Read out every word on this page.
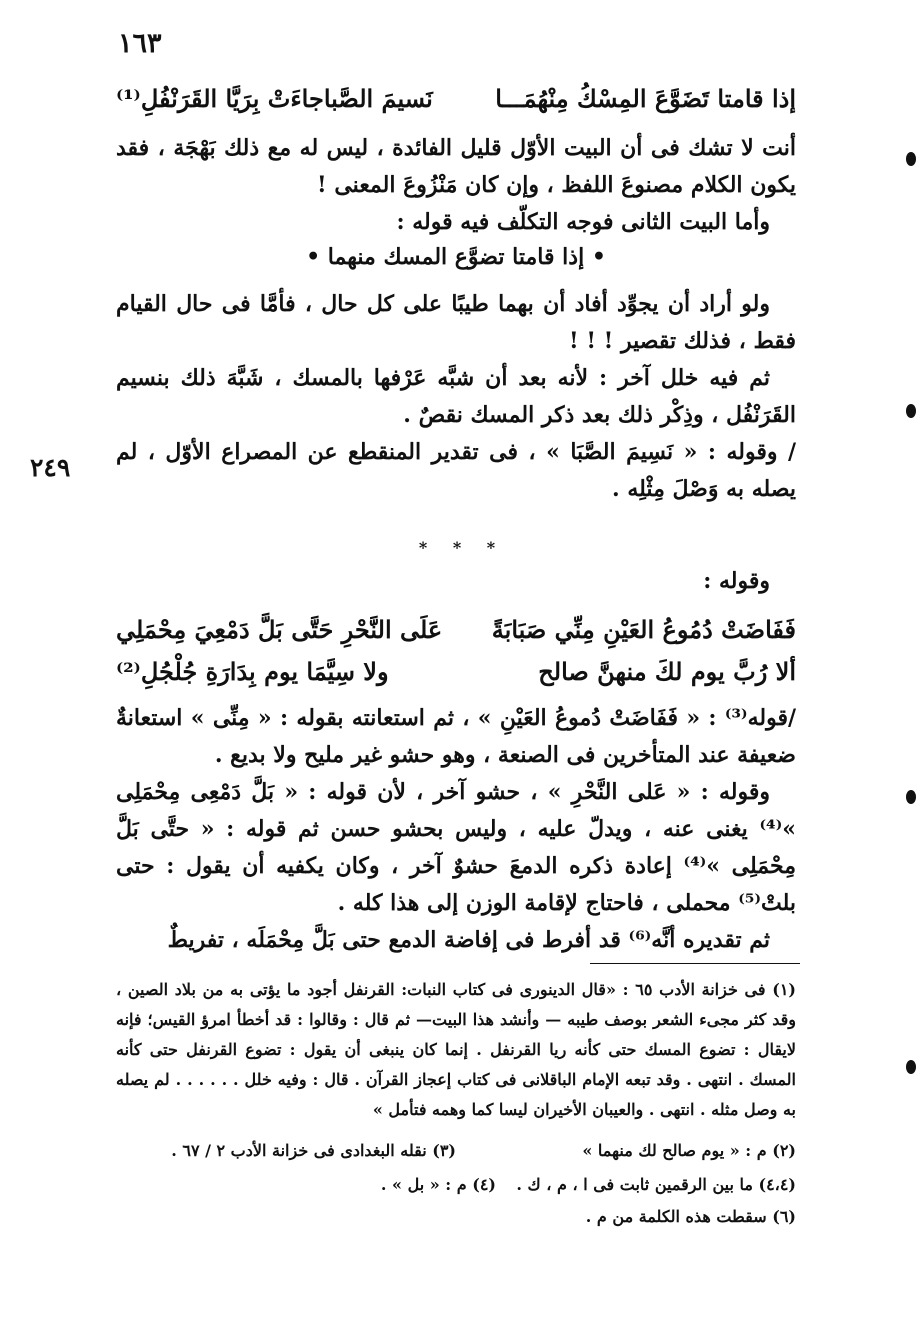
١٦٣
إذا قامتا تَضَوَّعَ المِسْكُ مِنْهُمَـــا
نَسيمَ الصَّباجاءَتْ بِرَيَّا القَرَنْفُلِ⁽¹⁾

أنت لا تشك فى أن البيت الأوّل قليل الفائدة ، ليس له مع ذلك بَهْجَة ، فقد يكون الكلام مصنوعَ اللفظ ، وإن كان مَنْزُوعَ المعنى !

وأما البيت الثانى فوجه التكلّف فيه قوله :

• إذا قامتا تضوَّع المسك منهما •

ولو أراد أن يجوِّد أفاد أن بهما طيبًا على كل حال ، فأمَّا فى حال القيام فقط ، فذلك تقصير ! ! !

ثم فيه خلل آخر : لأنه بعد أن شبَّه عَرْفها بالمسك ، شَبَّهَ ذلك بنسيم القَرَنْفُل ، وذِكْر ذلك بعد ذكر المسك نقصٌ .

/ وقوله : « نَسِيمَ الصَّبَا » ، فى تقدير المنقطع عن المصراع الأوّل ، لم يصله به وَصْلَ مِثْلِه .

٢٤٩
* * *

وقوله :

فَفَاضَتْ دُمُوعُ العَيْنِ مِنِّي صَبَابَةً
عَلَى النَّحْرِ حَتَّى بَلَّ دَمْعِيَ مِحْمَلِي
ألا رُبَّ يوم لكَ منهنَّ صالح
ولا سِيَّمَا يوم بِدَارَةِ جُلْجُلِ⁽²⁾

/قوله⁽³⁾ : « فَفَاضَتْ دُموعُ العَيْنِ » ، ثم استعانته بقوله : « مِنِّى » استعانةٌ ضعيفة عند المتأخرين فى الصنعة ، وهو حشو غير مليح ولا بديع .

وقوله : « عَلى النَّحْرِ » ، حشو آخر ، لأن قوله : « بَلَّ دَمْعِى مِحْمَلِى »⁽⁴⁾ يغنى عنه ، ويدلّ عليه ، وليس بحشو حسن ثم قوله : « حتَّى بَلَّ مِحْمَلِى »⁽⁴⁾ إعادة ذكره الدمعَ حشوٌ آخر ، وكان يكفيه أن يقول : حتى بلتْ⁽⁵⁾ محملى ، فاحتاج لإقامة الوزن إلى هذا كله .

ثم تقديره أنَّه⁽⁶⁾ قد أفرط فى إفاضة الدمع حتى بَلَّ مِحْمَلَه ، تفريطٌ

(١) فى خزانة الأدب ٦٥ : «قال الدينورى فى كتاب النبات: القرنفل أجود ما يؤتى به من بلاد الصين ، وقد كثر مجىء الشعر بوصف طيبه — وأنشد هذا البيت— ثم قال : وقالوا : قد أخطأ امرؤ القيس؛ فإنه لايقال : تضوع المسك حتى كأنه ريا القرنفل . إنما كان ينبغى أن يقول : تضوع القرنفل حتى كأنه المسك . انتهى . وقد تبعه الإمام الباقلانى فى كتاب إعجاز القرآن . قال : وفيه خلل . . . . . . لم يصله به وصل مثله . انتهى . والعيبان الأخيران ليسا كما وهمه فتأمل »

(٢) م : « يوم صالح لك منهما »
(٣) نقله البغدادى فى خزانة الأدب ٢ / ٦٧ .
(٤،٤) ما بين الرقمين ثابت فى ا ، م ، ك .
(٤) م : « بل » .
(٦) سقطت هذه الكلمة من م .
